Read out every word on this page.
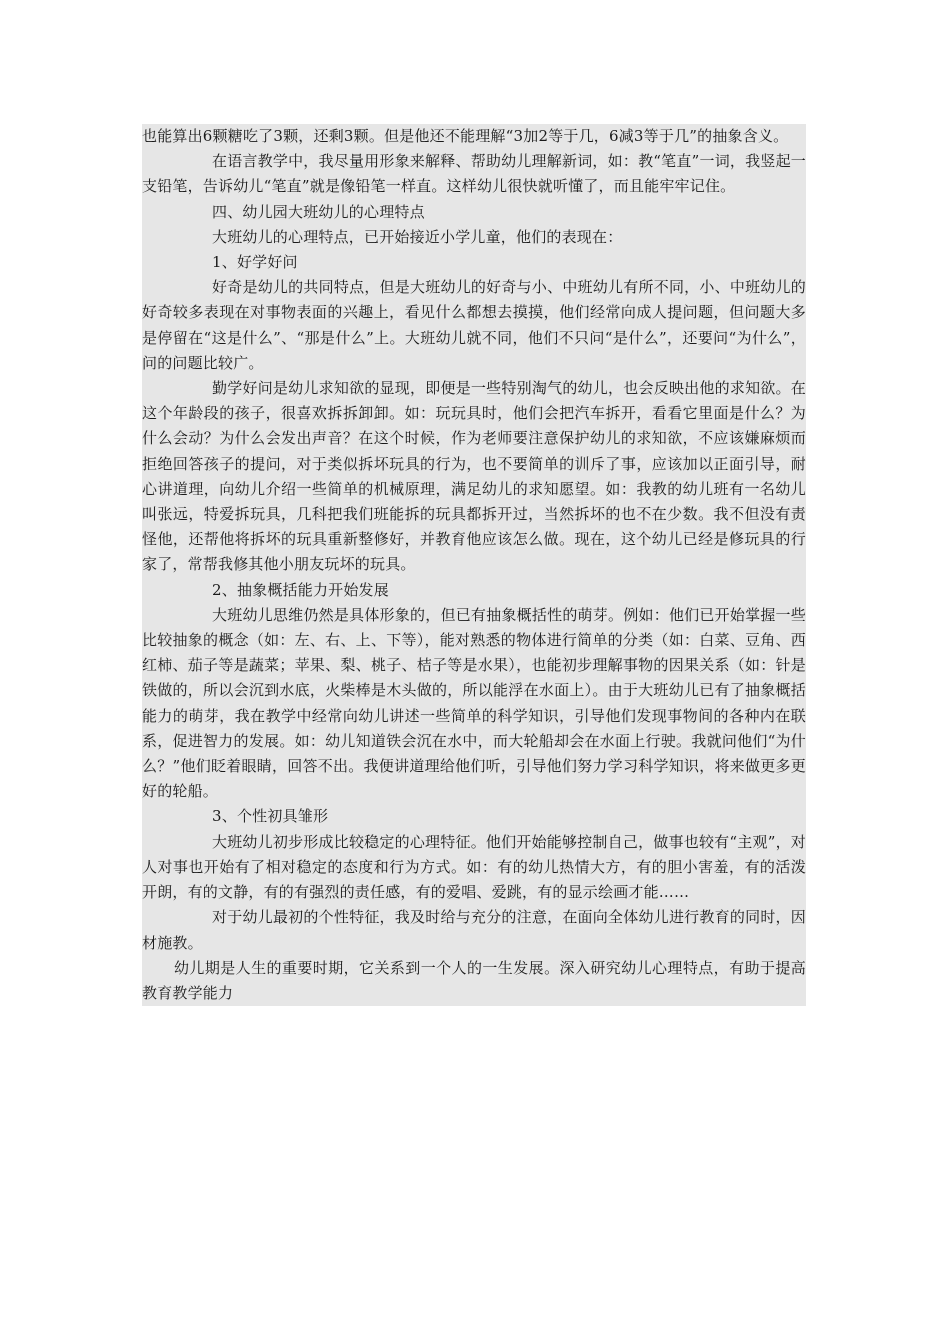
也能算出6颗糖吃了3颗，还剩3颗。但是他还不能理解“3加2等于几，6减3等于几”的抽象含义。

在语言教学中，我尽量用形象来解释、帮助幼儿理解新词，如：教“笔直”一词，我竖起一支铅笔，告诉幼儿“笔直”就是像铅笔一样直。这样幼儿很快就听懂了，而且能牢牢记住。

四、幼儿园大班幼儿的心理特点

大班幼儿的心理特点，已开始接近小学儿童，他们的表现在：

1、好学好问

好奇是幼儿的共同特点，但是大班幼儿的好奇与小、中班幼儿有所不同，小、中班幼儿的好奇较多表现在对事物表面的兴趣上，看见什么都想去摸摸，他们经常向成人提问题，但问题大多是停留在“这是什么”、“那是什么”上。大班幼儿就不同，他们不只问“是什么”，还要问“为什么”，问的问题比较广。

勤学好问是幼儿求知欲的显现，即便是一些特别淘气的幼儿，也会反映出他的求知欲。在这个年龄段的孩子，很喜欢拆拆卸卸。如：玩玩具时，他们会把汽车拆开，看看它里面是什么？为什么会动？为什么会发出声音？在这个时候，作为老师要注意保护幼儿的求知欲，不应该嫌麻烦而拒绝回答孩子的提问，对于类似拆坏玩具的行为，也不要简单的训斥了事，应该加以正面引导，耐心讲道理，向幼儿介绍一些简单的机械原理，满足幼儿的求知愿望。如：我教的幼儿班有一名幼儿叫张远，特爱拆玩具，几科把我们班能拆的玩具都拆开过，当然拆坏的也不在少数。我不但没有责怪他，还帮他将拆坏的玩具重新整修好，并教育他应该怎么做。现在，这个幼儿已经是修玩具的行家了，常帮我修其他小朋友玩坏的玩具。

2、抽象概括能力开始发展

大班幼儿思维仍然是具体形象的，但已有抽象概括性的萌芽。例如：他们已开始掌握一些比较抽象的概念（如：左、右、上、下等），能对熟悉的物体进行简单的分类（如：白菜、豆角、西红柿、茄子等是蔬菜；苹果、梨、桃子、桔子等是水果），也能初步理解事物的因果关系（如：针是铁做的，所以会沉到水底，火柴棒是木头做的，所以能浮在水面上）。由于大班幼儿已有了抽象概括能力的萌芽，我在教学中经常向幼儿讲述一些简单的科学知识，引导他们发现事物间的各种内在联系，促进智力的发展。如：幼儿知道铁会沉在水中，而大轮船却会在水面上行驶。我就问他们“为什么？”他们眨着眼睛，回答不出。我便讲道理给他们听，引导他们努力学习科学知识，将来做更多更好的轮船。

3、个性初具雏形

大班幼儿初步形成比较稳定的心理特征。他们开始能够控制自己，做事也较有“主观”，对人对事也开始有了相对稳定的态度和行为方式。如：有的幼儿热情大方，有的胆小害羞，有的活泼开朗，有的文静，有的有强烈的责任感，有的爱唱、爱跳，有的显示绘画才能……

对于幼儿最初的个性特征，我及时给与充分的注意，在面向全体幼儿进行教育的同时，因材施教。

幼儿期是人生的重要时期，它关系到一个人的一生发展。深入研究幼儿心理特点，有助于提高教育教学能力
